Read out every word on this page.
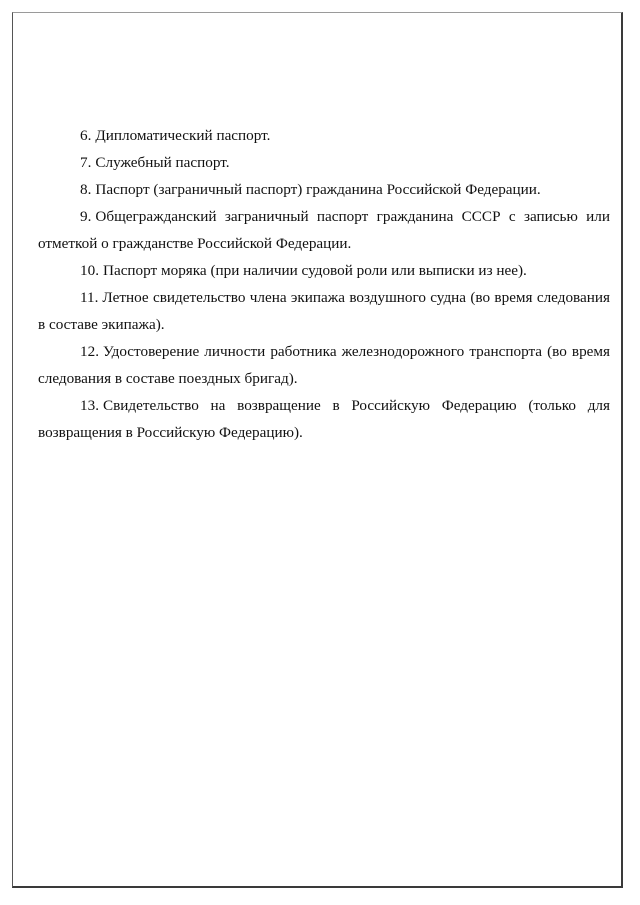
6. Дипломатический паспорт.

7. Служебный паспорт.

8. Паспорт (заграничный паспорт) гражданина Российской Федерации.

9. Общегражданский заграничный паспорт гражданина СССР с записью или отметкой о гражданстве Российской Федерации.

10. Паспорт моряка (при наличии судовой роли или выписки из нее).

11. Летное свидетельство члена экипажа воздушного судна (во время следования в составе экипажа).

12. Удостоверение личности работника железнодорожного транспорта (во время следования в составе поездных бригад).

13. Свидетельство на возвращение в Российскую Федерацию (только для возвращения в Российскую Федерацию).
